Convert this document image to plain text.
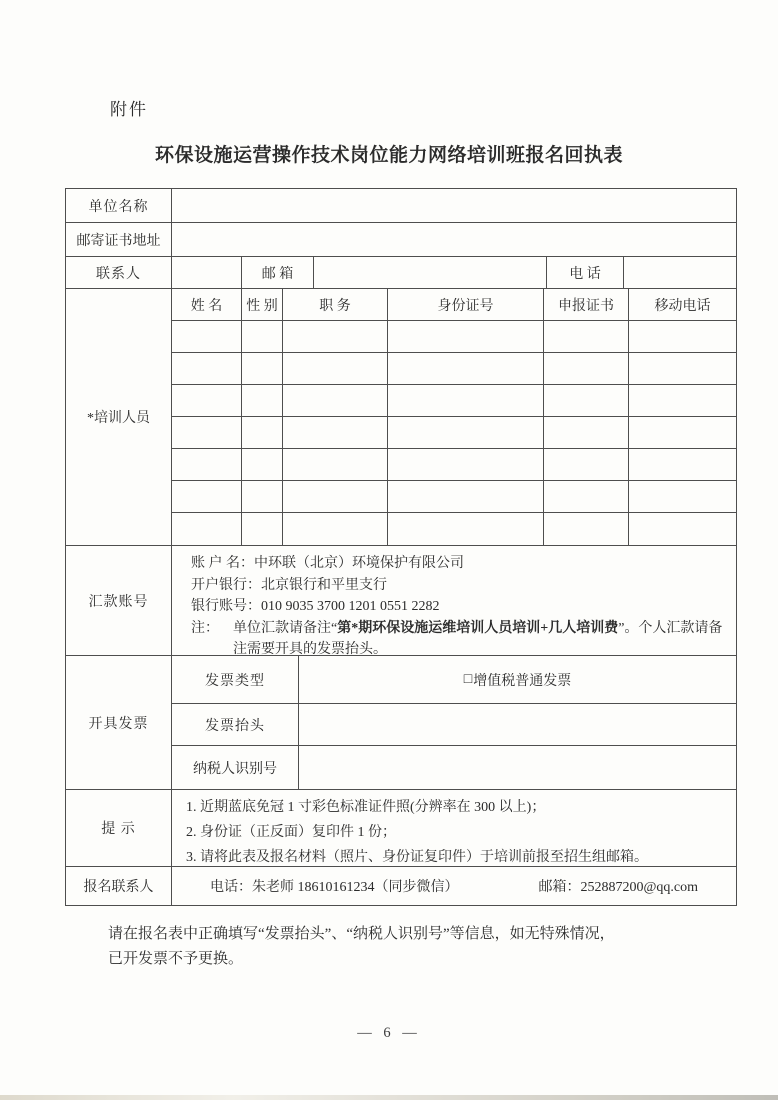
附件
环保设施运营操作技术岗位能力网络培训班报名回执表
单位名称
邮寄证书地址
联系人	邮 箱	电 话
*培训人员
姓 名	性 别	职 务	身份证号	申报证书	移动电话
汇款账号
账 户 名：中环联（北京）环境保护有限公司
开户银行：北京银行和平里支行
银行账号：010 9035 3700 1201 0551 2282
注：	单位汇款请备注“第*期环保设施运维培训人员培训+几人培训费”。个人汇款请备注需要开具的发票抬头。
开具发票
发票类型	□ 增值税普通发票
发票抬头
纳税人识别号
提 示
1. 近期蓝底免冠 1 寸彩色标准证件照(分辨率在 300 以上)；
2. 身份证（正反面）复印件 1 份；
3. 请将此表及报名材料（照片、身份证复印件）于培训前报至招生组邮箱。
报名联系人	电话：朱老师 18610161234（同步微信）	邮箱：252887200@qq.com
请在报名表中正确填写“发票抬头”、“纳税人识别号”等信息，如无特殊情况，
已开发票不予更换。
— 6 —
